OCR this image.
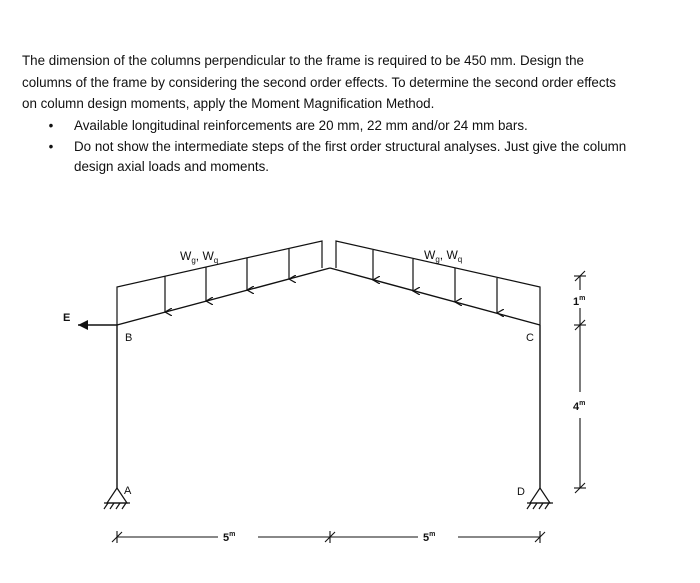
The dimension of the columns perpendicular to the frame is required to be 450 mm. Design the

columns of the frame by considering the second order effects. To determine the second order effects

on column design moments, apply the Moment Magnification Method.

•	Available longitudinal reinforcements are 20 mm, 22 mm and/or 24 mm bars.
•	Do not show the intermediate steps of the first order structural analyses. Just give the column
design axial loads and moments.
$W_g$, $W_q$	$W_g$, $W_q$
E
B	C
A	D
5$^m$	5$^m$
1$^m$
4$^m$
